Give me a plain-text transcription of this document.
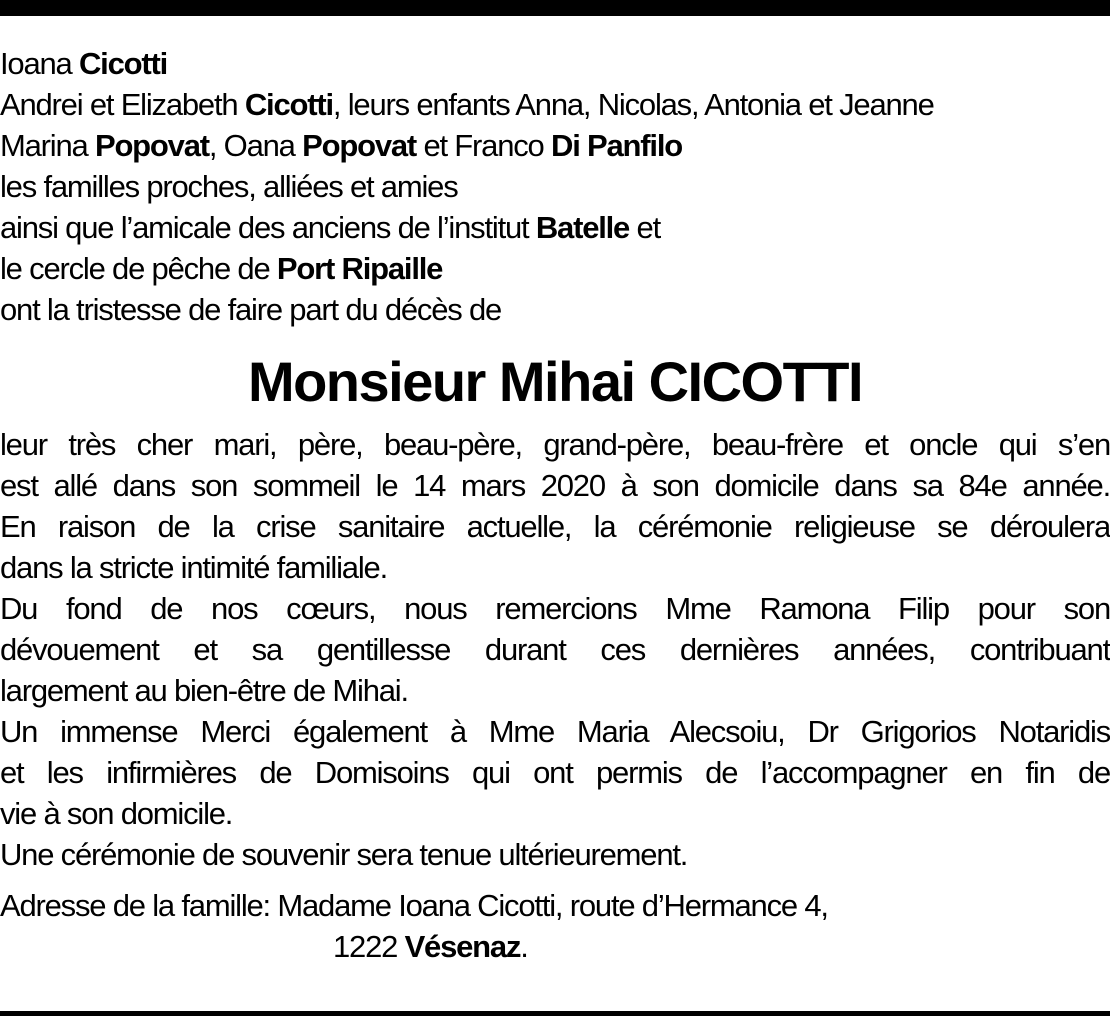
Ioana Cicotti
Andrei et Elizabeth Cicotti, leurs enfants Anna, Nicolas, Antonia et Jeanne
Marina Popovat, Oana Popovat et Franco Di Panfilo
les familles proches, alliées et amies
ainsi que l’amicale des anciens de l’institut Batelle et
le cercle de pêche de Port Ripaille
ont la tristesse de faire part du décès de
Monsieur Mihai CICOTTI
leur très cher mari, père, beau-père, grand-père, beau-frère et oncle qui s’en
est allé dans son sommeil le 14 mars 2020 à son domicile dans sa 84e année.
En raison de la crise sanitaire actuelle, la cérémonie religieuse se déroulera
dans la stricte intimité familiale.
Du fond de nos cœurs, nous remercions Mme Ramona Filip pour son
dévouement et sa gentillesse durant ces dernières années, contribuant
largement au bien-être de Mihai.
Un immense Merci également à Mme Maria Alecsoiu, Dr Grigorios Notaridis
et les infirmières de Domisoins qui ont permis de l’accompagner en fin de
vie à son domicile.
Une cérémonie de souvenir sera tenue ultérieurement.
Adresse de la famille: Madame Ioana Cicotti, route d’Hermance 4,
1222 Vésenaz.
